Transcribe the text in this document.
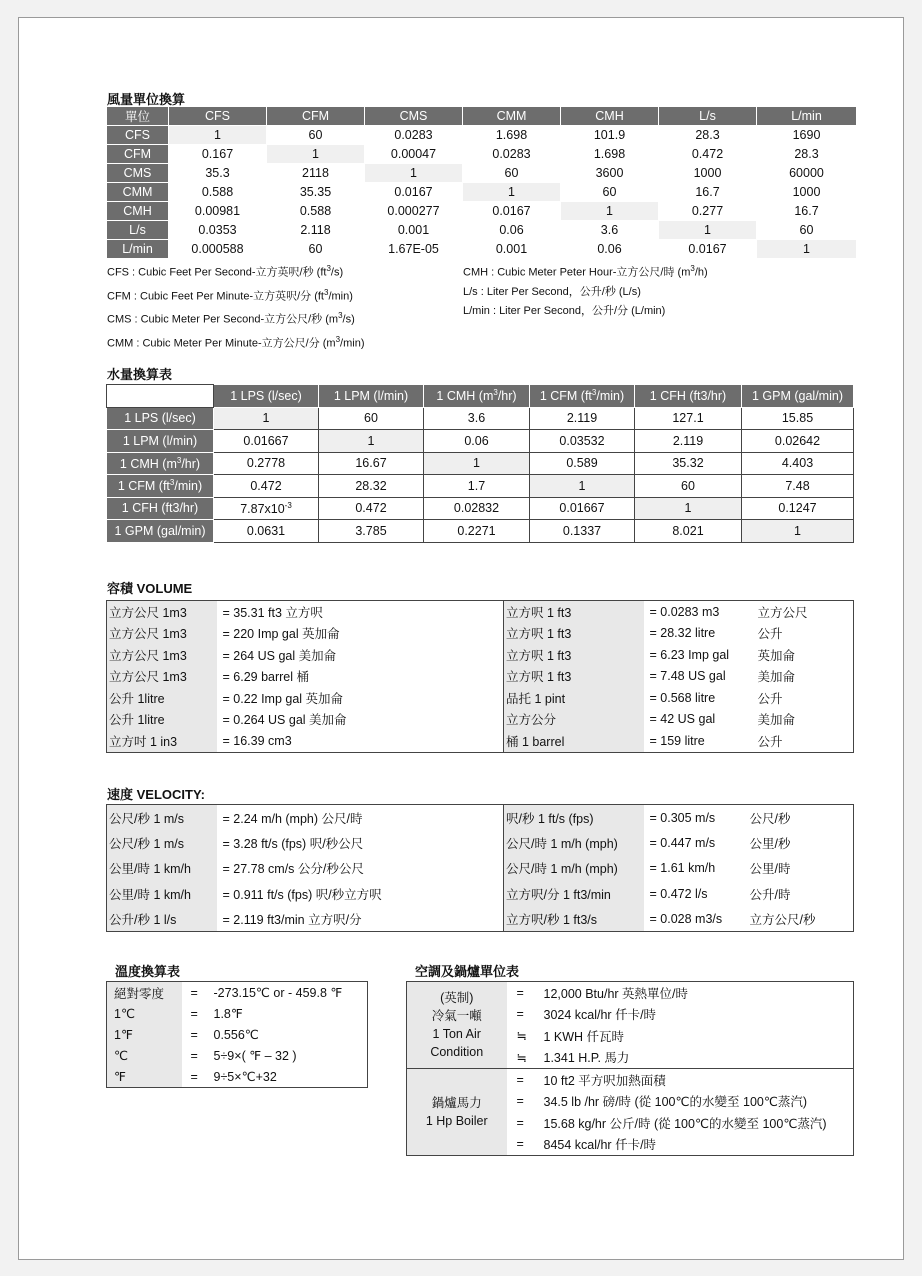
風量單位換算
單位	CFS	CFM	CMS	CMM	CMH	L/s	L/min
CFS	1	60	0.0283	1.698	101.9	28.3	1690
CFM	0.167	1	0.00047	0.0283	1.698	0.472	28.3
CMS	35.3	2118	1	60	3600	1000	60000
CMM	0.588	35.35	0.0167	1	60	16.7	1000
CMH	0.00981	0.588	0.000277	0.0167	1	0.277	16.7
L/s	0.0353	2.118	0.001	0.06	3.6	1	60
L/min	0.000588	60	1.67E-05	0.001	0.06	0.0167	1
CFS : Cubic Feet Per Second-立方英呎/秒 $(ft^3/s)$
CFM : Cubic Feet Per Minute-立方英呎/分 $(ft^3/\min)$
CMS : Cubic Meter Per Second-立方公尺/秒 $(m^3/s)$
CMM : Cubic Meter Per Minute-立方公尺/分 $(m^3/\min)$
CMH : Cubic Meter Peter Hour-立方公尺/時 $(m^3/h)$
L/s : Liter Per Second，公升/秒 (L/s)
L/min : Liter Per Second，公升/分 (L/min)
水量換算表
	1 LPS (l/sec)	1 LPM (l/min)	1 CMH $(m^3/hr)$	1 CFM $(ft^3/\min)$	1 CFH (ft3/hr)	1 GPM (gal/min)
1 LPS (l/sec)	1	60	3.6	2.119	127.1	15.85
1 LPM (l/min)	0.01667	1	0.06	0.03532	2.119	0.02642
1 CMH $(m^3/hr)$	0.2778	16.67	1	0.589	35.32	4.403
1 CFM $(ft^3/\min)$	0.472	28.32	1.7	1	60	7.48
1 CFH (ft3/hr)	$7.87x10^{-3}$	0.472	0.02832	0.01667	1	0.1247
1 GPM (gal/min)	0.0631	3.785	0.2271	0.1337	8.021	1
容積 VOLUME
立方公尺 1m3	= 35.31 ft3 立方呎	立方呎 1 ft3	= 0.0283 m3	立方公尺
立方公尺 1m3	= 220 Imp gal 英加侖	立方呎 1 ft3	= 28.32 litre	公升
立方公尺 1m3	= 264 US gal 美加侖	立方呎 1 ft3	= 6.23 Imp gal	英加侖
立方公尺 1m3	= 6.29 barrel 桶	立方呎 1 ft3	= 7.48 US gal	美加侖
公升 1litre	= 0.22 Imp gal 英加侖	品托 1 pint	= 0.568 litre	公升
公升 1litre	= 0.264 US gal 美加侖	立方公分	= 42 US gal	美加侖
立方吋 1 in3	= 16.39 cm3	桶 1 barrel	= 159 litre	公升
速度 VELOCITY:
公尺/秒 1 m/s	= 2.24 m/h (mph) 公尺/時	呎/秒 1 ft/s (fps)	= 0.305 m/s	公尺/秒
公尺/秒 1 m/s	= 3.28 ft/s (fps) 呎/秒公尺	公尺/時 1 m/h (mph)	= 0.447 m/s	公里/秒
公里/時 1 km/h	= 27.78 cm/s 公分/秒公尺	公尺/時 1 m/h (mph)	= 1.61 km/h	公里/時
公里/時 1 km/h	= 0.911 ft/s (fps) 呎/秒立方呎	立方呎/分 1 ft3/min	= 0.472 l/s	公升/時
公升/秒 1 l/s	= 2.119 ft3/min 立方呎/分	立方呎/秒 1 ft3/s	= 0.028 m3/s	立方公尺/秒
溫度換算表
絕對零度	=	-273.15℃ or - 459.8 ℉
1℃	=	1.8℉
1℉	=	0.556℃
℃	=	5÷9×( ℉ – 32 )
℉	=	9÷5×℃+32
空調及鍋爐單位表
(英制)
冷氣一噸
1 Ton Air
Condition	=	12,000 Btu/hr 英熱單位/時
	=	3024 kcal/hr 仟卡/時
	≒	1 KWH 仟瓦時
	≒	1.341 H.P. 馬力

鍋爐馬力
1 Hp Boiler	=	10 ft2 平方呎加熱面積
	=	34.5 lb /hr 磅/時 (從 100℃的水變至 100℃蒸汽)
	=	15.68 kg/hr 公斤/時 (從 100℃的水變至 100℃蒸汽)
	=	8454 kcal/hr 仟卡/時
